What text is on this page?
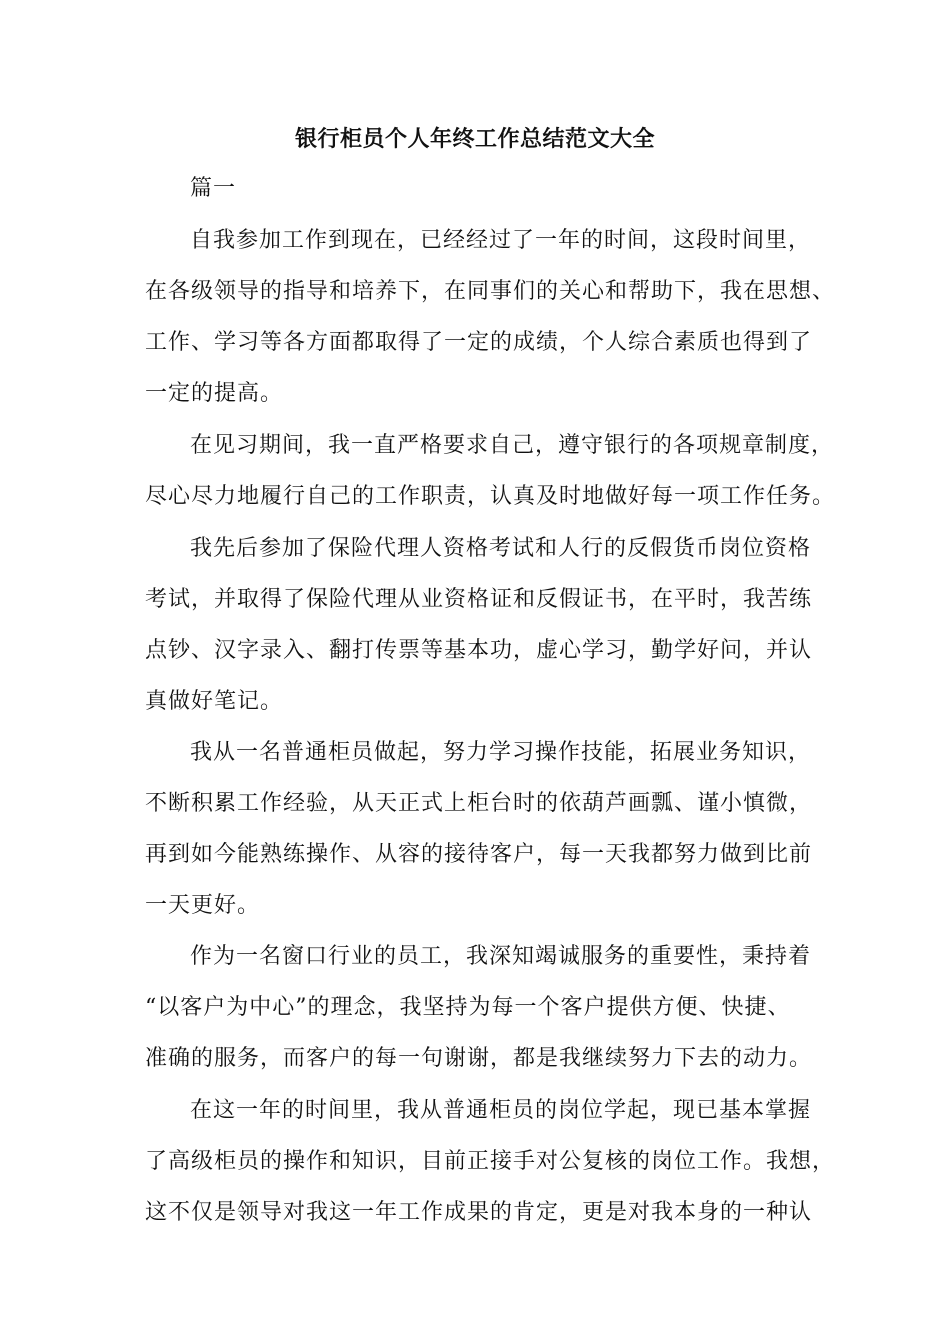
银行柜员个人年终工作总结范文大全
篇一
自我参加工作到现在，已经经过了一年的时间，这段时间里，
在各级领导的指导和培养下，在同事们的关心和帮助下，我在思想、
工作、学习等各方面都取得了一定的成绩，个人综合素质也得到了
一定的提高。
在见习期间，我一直严格要求自己，遵守银行的各项规章制度，
尽心尽力地履行自己的工作职责，认真及时地做好每一项工作任务。
我先后参加了保险代理人资格考试和人行的反假货币岗位资格
考试，并取得了保险代理从业资格证和反假证书，在平时，我苦练
点钞、汉字录入、翻打传票等基本功，虚心学习，勤学好问，并认
真做好笔记。
我从一名普通柜员做起，努力学习操作技能，拓展业务知识，
不断积累工作经验，从天正式上柜台时的依葫芦画瓢、谨小慎微，
再到如今能熟练操作、从容的接待客户，每一天我都努力做到比前
一天更好。
作为一名窗口行业的员工，我深知竭诚服务的重要性，秉持着
“以客户为中心”的理念，我坚持为每一个客户提供方便、快捷、
准确的服务，而客户的每一句谢谢，都是我继续努力下去的动力。
在这一年的时间里，我从普通柜员的岗位学起，现已基本掌握
了高级柜员的操作和知识，目前正接手对公复核的岗位工作。我想，
这不仅是领导对我这一年工作成果的肯定，更是对我本身的一种认
